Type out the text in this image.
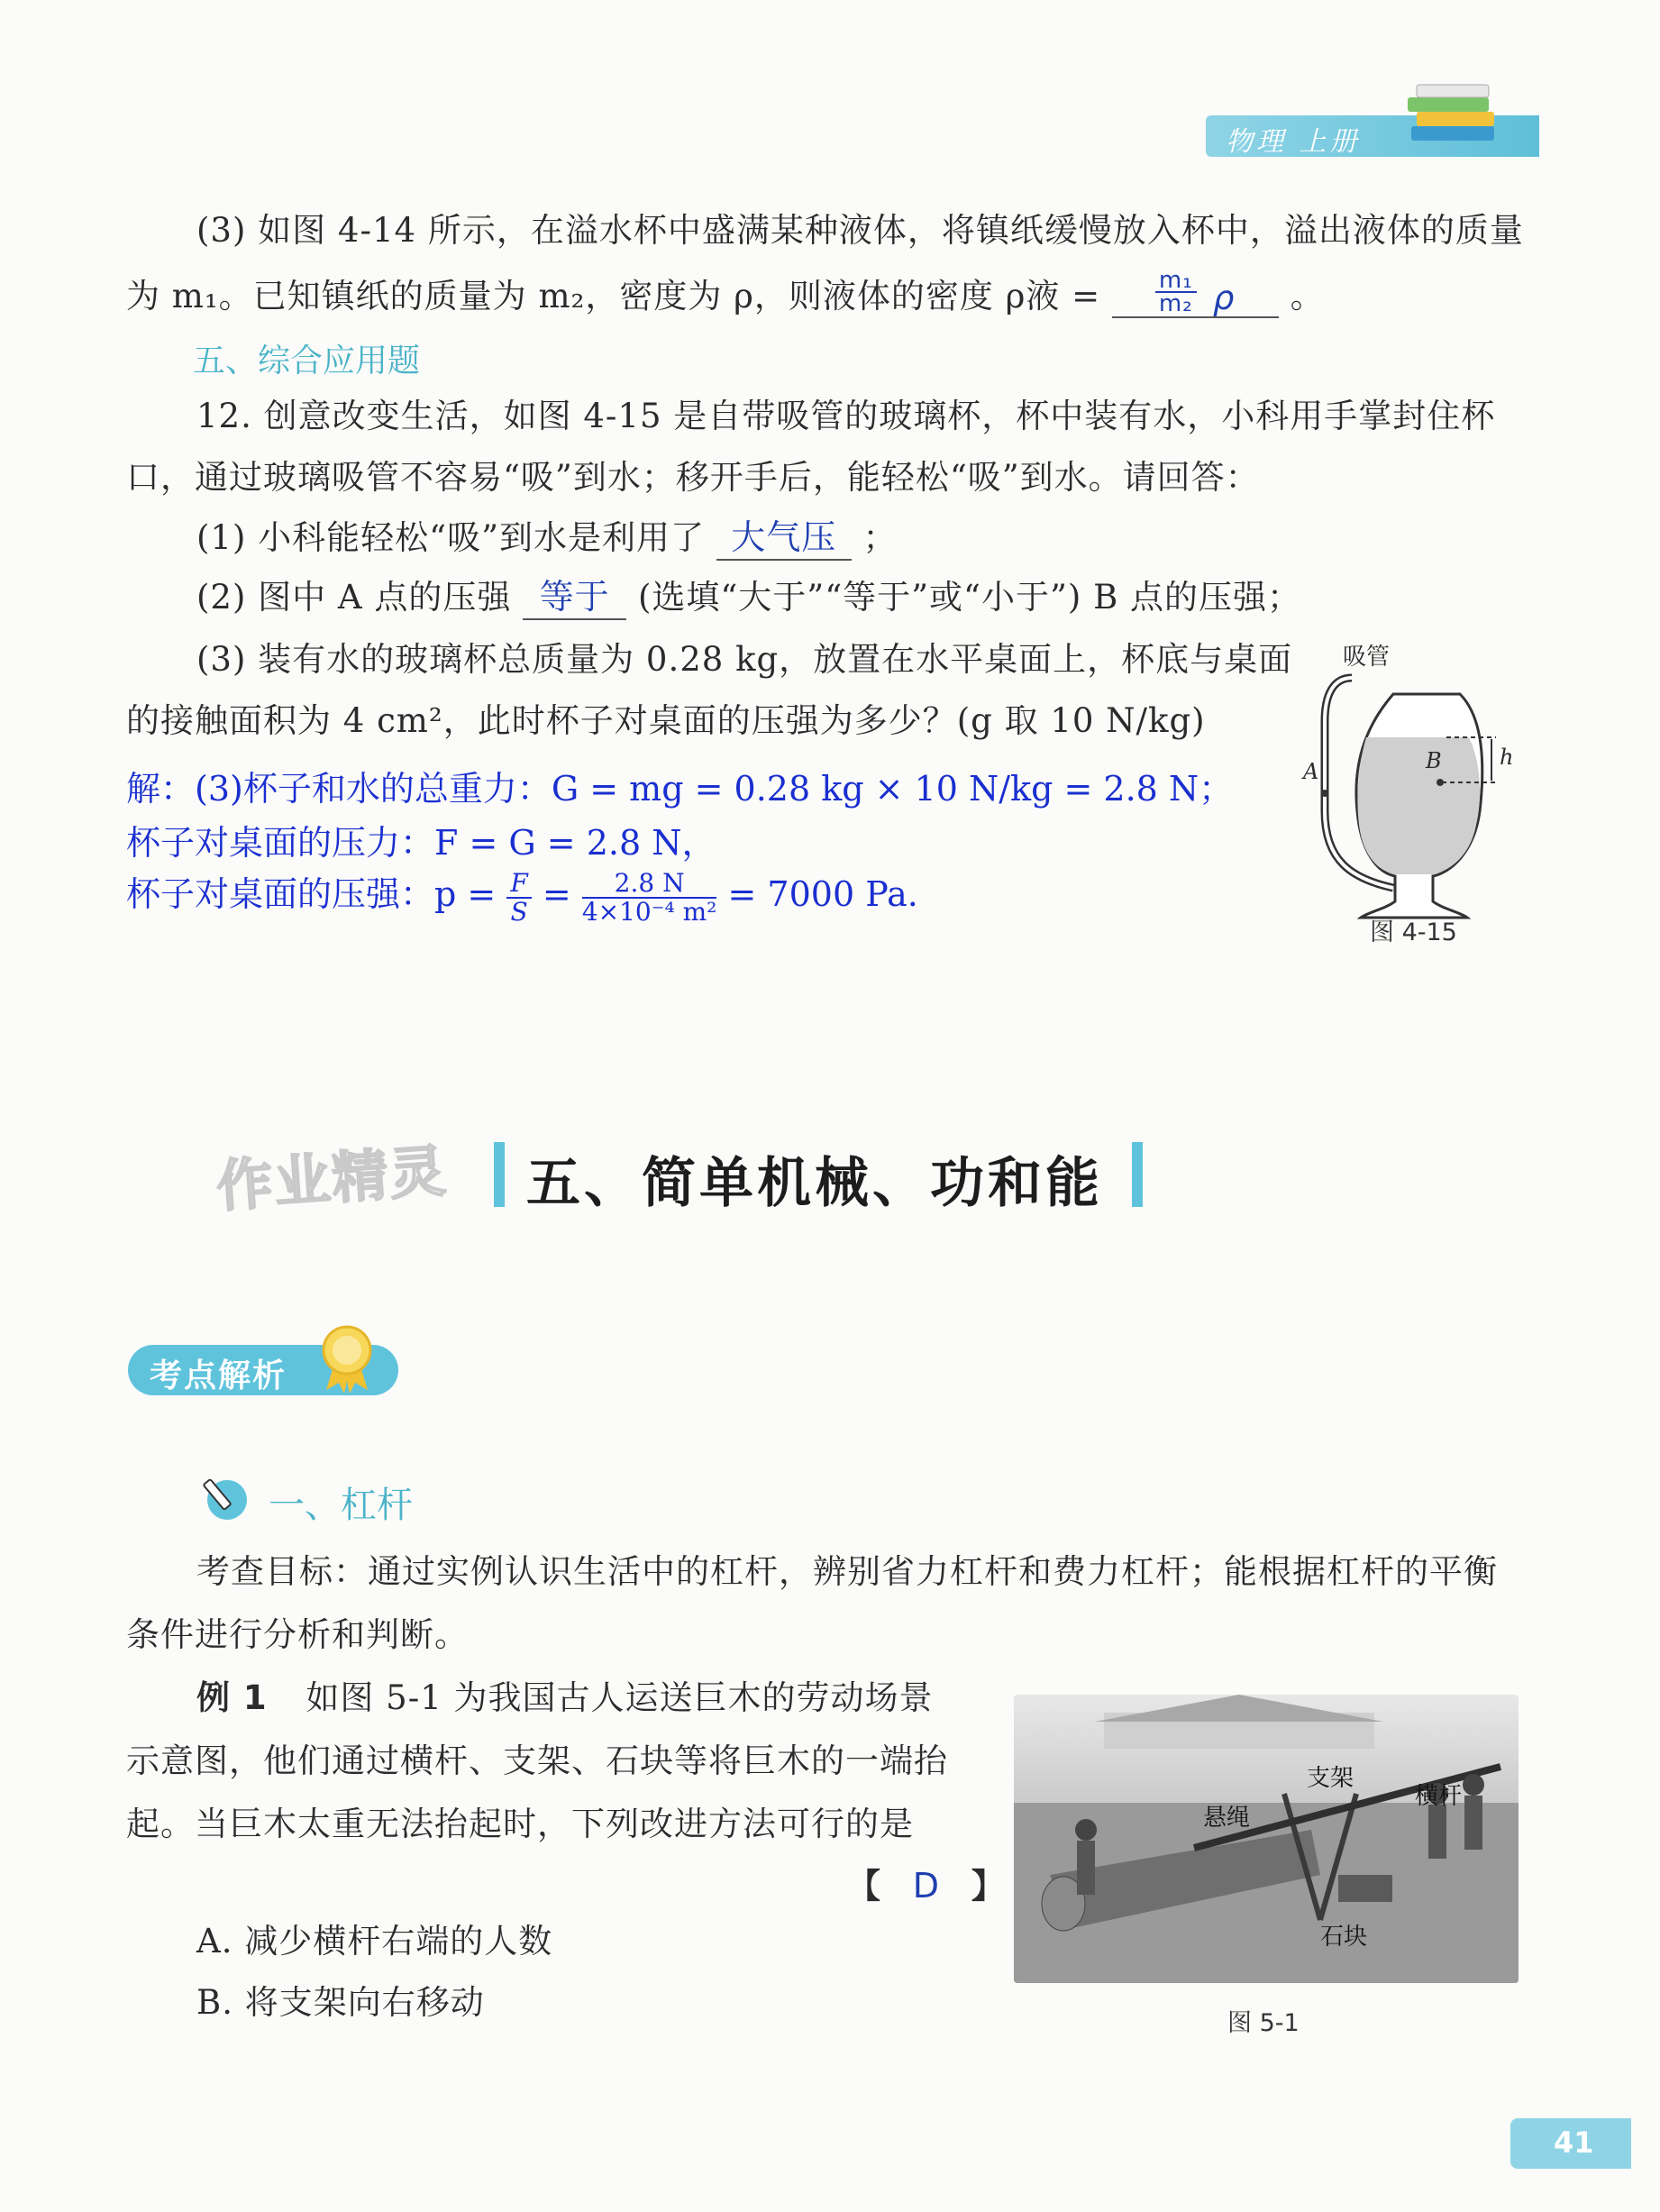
物理 上册
(3) 如图 4-14 所示，在溢水杯中盛满某种液体，将镇纸缓慢放入杯中，溢出液体的质量
为 m₁。已知镇纸的质量为 m₂，密度为 ρ，则液体的密度 ρ液 = $\frac{\text{m₁}}{\text{m₂}}$ ρ 。
五、综合应用题
12. 创意改变生活，如图 4-15 是自带吸管的玻璃杯，杯中装有水，小科用手掌封住杯
口，通过玻璃吸管不容易“吸”到水；移开手后，能轻松“吸”到水。请回答：
(1) 小科能轻松“吸”到水是利用了 大气压 ；
(2) 图中 A 点的压强 等于 (选填“大于”“等于”或“小于”) B 点的压强；
(3) 装有水的玻璃杯总质量为 0.28 kg，放置在水平桌面上，杯底与桌面
的接触面积为 4 cm²，此时杯子对桌面的压强为多少？(g 取 10 N/kg)
解：(3)杯子和水的总重力：G = mg = 0.28 kg × 10 N/kg = 2.8 N；
杯子对桌面的压力：F = G = 2.8 N，
杯子对桌面的压强：$p = \frac{F}{S} = \frac{2.8 N}{\text{4×10⁻⁴ m²}} = 7000$ Pa.
吸管
A	B	h
图 4-15
作业精灵 五、简单机械、功和能
考点解析
一、杠杆
考查目标：通过实例认识生活中的杠杆，辨别省力杠杆和费力杠杆；能根据杠杆的平衡
条件进行分析和判断。
例 1 如图 5-1 为我国古人运送巨木的劳动场景
示意图，他们通过横杆、支架、石块等将巨木的一端抬
起。当巨木太重无法抬起时，下列改进方法可行的是
【 D 】
A. 减少横杆右端的人数
B. 将支架向右移动
支架
横杆
悬绳
石块
图 5-1
41
